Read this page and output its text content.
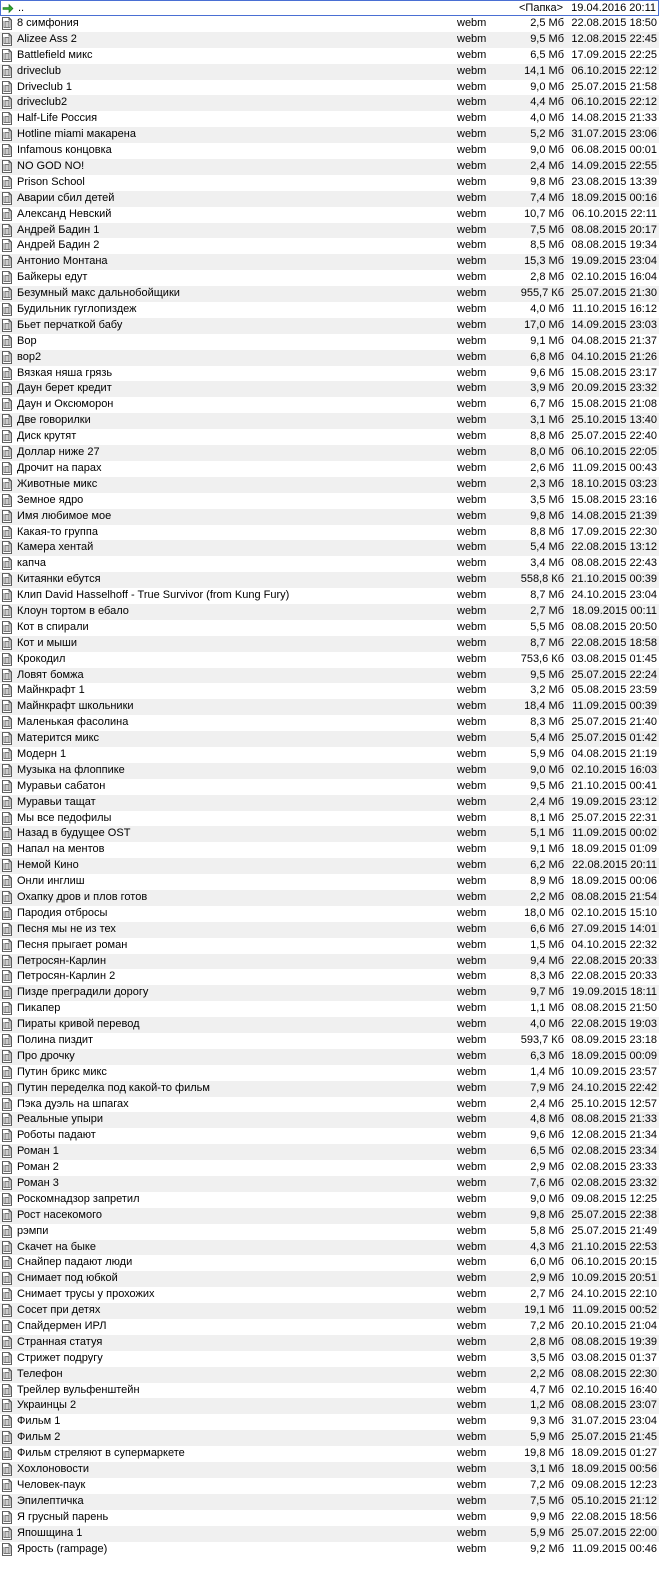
..	<Папка> 19.04.2016 20:11
8 симфония	webm	2,5 Мб 22.08.2015 18:50
Alizee Ass 2	webm	9,5 Мб 12.08.2015 22:45
Battlefield микс	webm	6,5 Мб 17.09.2015 22:25
driveclub	webm	14,1 Мб 06.10.2015 22:12
Driveclub 1	webm	9,0 Мб 25.07.2015 21:58
driveclub2	webm	4,4 Мб 06.10.2015 22:12
Half-Life Россия	webm	4,0 Мб 14.08.2015 21:33
Hotline miami макарена	webm	5,2 Мб 31.07.2015 23:06
Infamous концовка	webm	9,0 Мб 06.08.2015 00:01
NO GOD NO!	webm	2,4 Мб 14.09.2015 22:55
Prison School	webm	9,8 Мб 23.08.2015 13:39
Аварии сбил детей	webm	7,4 Мб 18.09.2015 00:16
Александ Невский	webm	10,7 Мб 06.10.2015 22:11
Андрей Бадин 1	webm	7,5 Мб 08.08.2015 20:17
Андрей Бадин 2	webm	8,5 Мб 08.08.2015 19:34
Антонио Монтана	webm	15,3 Мб 19.09.2015 23:04
Байкеры едут	webm	2,8 Мб 02.10.2015 16:04
Безумный макс дальнобойщики	webm	955,7 Кб 25.07.2015 21:30
Будильник гуглопиздеж	webm	4,0 Мб 11.10.2015 16:12
Бьет перчаткой бабу	webm	17,0 Мб 14.09.2015 23:03
Вор	webm	9,1 Мб 04.08.2015 21:37
вор2	webm	6,8 Мб 04.10.2015 21:26
Вязкая няша грязь	webm	9,6 Мб 15.08.2015 23:17
Даун берет кредит	webm	3,9 Мб 20.09.2015 23:32
Даун и Оксюморон	webm	6,7 Мб 15.08.2015 21:08
Две говорилки	webm	3,1 Мб 25.10.2015 13:40
Диск крутят	webm	8,8 Мб 25.07.2015 22:40
Доллар ниже 27	webm	8,0 Мб 06.10.2015 22:05
Дрочит на парах	webm	2,6 Мб 11.09.2015 00:43
Животные микс	webm	2,3 Мб 18.10.2015 03:23
Земное ядро	webm	3,5 Мб 15.08.2015 23:16
Имя любимое мое	webm	9,8 Мб 14.08.2015 21:39
Какая-то группа	webm	8,8 Мб 17.09.2015 22:30
Камера хентай	webm	5,4 Мб 22.08.2015 13:12
капча	webm	3,4 Мб 08.08.2015 22:43
Китаянки ебутся	webm	558,8 Кб 21.10.2015 00:39
Клип David Hasselhoff - True Survivor (from Kung Fury)	webm	8,7 Мб 24.10.2015 23:04
Клоун тортом в ебало	webm	2,7 Мб 18.09.2015 00:11
Кот в спирали	webm	5,5 Мб 08.08.2015 20:50
Кот и мыши	webm	8,7 Мб 22.08.2015 18:58
Крокодил	webm	753,6 Кб 03.08.2015 01:45
Ловят бомжа	webm	9,5 Мб 25.07.2015 22:24
Майнкрафт 1	webm	3,2 Мб 05.08.2015 23:59
Майнкрафт школьники	webm	18,4 Мб 11.09.2015 00:39
Маленькая фасолина	webm	8,3 Мб 25.07.2015 21:40
Матерится микс	webm	5,4 Мб 25.07.2015 01:42
Модерн 1	webm	5,9 Мб 04.08.2015 21:19
Музыка на флоппике	webm	9,0 Мб 02.10.2015 16:03
Муравьи сабатон	webm	9,5 Мб 21.10.2015 00:41
Муравьи тащат	webm	2,4 Мб 19.09.2015 23:12
Мы все педофилы	webm	8,1 Мб 25.07.2015 22:31
Назад в будущее OST	webm	5,1 Мб 11.09.2015 00:02
Напал на ментов	webm	9,1 Мб 18.09.2015 01:09
Немой Кино	webm	6,2 Мб 22.08.2015 20:11
Онли инглиш	webm	8,9 Мб 18.09.2015 00:06
Охапку дров и плов готов	webm	2,2 Мб 08.08.2015 21:54
Пародия отбросы	webm	18,0 Мб 02.10.2015 15:10
Песня мы не из тех	webm	6,6 Мб 27.09.2015 14:01
Песня прыгает роман	webm	1,5 Мб 04.10.2015 22:32
Петросян-Карлин	webm	9,4 Мб 22.08.2015 20:33
Петросян-Карлин 2	webm	8,3 Мб 22.08.2015 20:33
Пизде преградили дорогу	webm	9,7 Мб 19.09.2015 18:11
Пикапер	webm	1,1 Мб 08.08.2015 21:50
Пираты кривой перевод	webm	4,0 Мб 22.08.2015 19:03
Полина пиздит	webm	593,7 Кб 08.09.2015 23:18
Про дрочку	webm	6,3 Мб 18.09.2015 00:09
Путин брикс микс	webm	1,4 Мб 10.09.2015 23:57
Путин переделка под какой-то фильм	webm	7,9 Мб 24.10.2015 22:42
Пэка дуэль на шпагах	webm	2,4 Мб 25.10.2015 12:57
Реальные упыри	webm	4,8 Мб 08.08.2015 21:33
Роботы падают	webm	9,6 Мб 12.08.2015 21:34
Роман 1	webm	6,5 Мб 02.08.2015 23:34
Роман 2	webm	2,9 Мб 02.08.2015 23:33
Роман 3	webm	7,6 Мб 02.08.2015 23:32
Роскомнадзор запретил	webm	9,0 Мб 09.08.2015 12:25
Рост насекомого	webm	9,8 Мб 25.07.2015 22:38
рэмпи	webm	5,8 Мб 25.07.2015 21:49
Скачет на быке	webm	4,3 Мб 21.10.2015 22:53
Снайпер падают люди	webm	6,0 Мб 06.10.2015 20:15
Снимает под юбкой	webm	2,9 Мб 10.09.2015 20:51
Снимает трусы у прохожих	webm	2,7 Мб 24.10.2015 22:10
Сосет при детях	webm	19,1 Мб 11.09.2015 00:52
Спайдермен ИРЛ	webm	7,2 Мб 20.10.2015 21:04
Странная статуя	webm	2,8 Мб 08.08.2015 19:39
Стрижет подругу	webm	3,5 Мб 03.08.2015 01:37
Телефон	webm	2,2 Мб 08.08.2015 22:30
Трейлер вульфенштейн	webm	4,7 Мб 02.10.2015 16:40
Украинцы 2	webm	1,2 Мб 08.08.2015 23:07
Фильм 1	webm	9,3 Мб 31.07.2015 23:04
Фильм 2	webm	5,9 Мб 25.07.2015 21:45
Фильм стреляют в супермаркете	webm	19,8 Мб 18.09.2015 01:27
Хохлоновости	webm	3,1 Мб 18.09.2015 00:56
Человек-паук	webm	7,2 Мб 09.08.2015 12:23
Эпилептичка	webm	7,5 Мб 05.10.2015 21:12
Я грусный парень	webm	9,9 Мб 22.08.2015 18:56
Япошщина 1	webm	5,9 Мб 25.07.2015 22:00
Ярость (rampage)	webm	9,2 Мб 11.09.2015 00:46
